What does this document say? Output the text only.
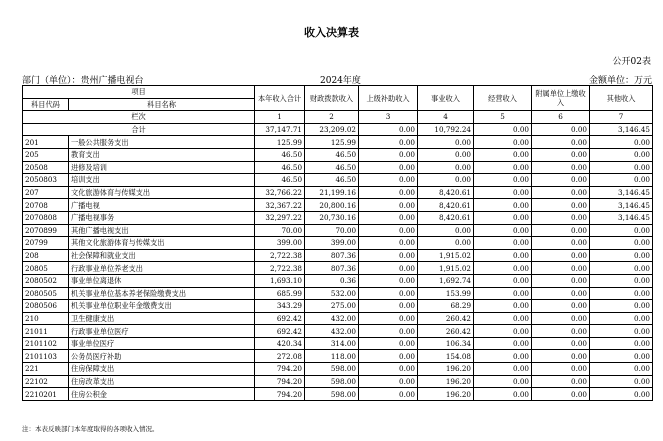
收入决算表
公开02表
部门（单位）：贵州广播电视台	2024年度	金额单位：万元
项目		本年收入合计	财政拨款收入	上级补助收入	事业收入	经营收入	附属单位上缴收入	其他收入
科目代码	科目名称							
栏次		1	2	3	4	5	6	7
合计		37,147.71	23,209.02	0.00	10,792.24	0.00	0.00	3,146.45
201	一般公共服务支出	125.99	125.99	0.00	0.00	0.00	0.00	0.00
205	教育支出	46.50	46.50	0.00	0.00	0.00	0.00	0.00
20508	进修及培训	46.50	46.50	0.00	0.00	0.00	0.00	0.00
2050803	培训支出	46.50	46.50	0.00	0.00	0.00	0.00	0.00
207	文化旅游体育与传媒支出	32,766.22	21,199.16	0.00	8,420.61	0.00	0.00	3,146.45
20708	广播电视	32,367.22	20,800.16	0.00	8,420.61	0.00	0.00	3,146.45
2070808	广播电视事务	32,297.22	20,730.16	0.00	8,420.61	0.00	0.00	3,146.45
2070899	其他广播电视支出	70.00	70.00	0.00	0.00	0.00	0.00	0.00
20799	其他文化旅游体育与传媒支出	399.00	399.00	0.00	0.00	0.00	0.00	0.00
208	社会保障和就业支出	2,722.38	807.36	0.00	1,915.02	0.00	0.00	0.00
20805	行政事业单位养老支出	2,722.38	807.36	0.00	1,915.02	0.00	0.00	0.00
2080502	事业单位离退休	1,693.10	0.36	0.00	1,692.74	0.00	0.00	0.00
2080505	机关事业单位基本养老保险缴费支出	685.99	532.00	0.00	153.99	0.00	0.00	0.00
2080506	机关事业单位职业年金缴费支出	343.29	275.00	0.00	68.29	0.00	0.00	0.00
210	卫生健康支出	692.42	432.00	0.00	260.42	0.00	0.00	0.00
21011	行政事业单位医疗	692.42	432.00	0.00	260.42	0.00	0.00	0.00
2101102	事业单位医疗	420.34	314.00	0.00	106.34	0.00	0.00	0.00
2101103	公务员医疗补助	272.08	118.00	0.00	154.08	0.00	0.00	0.00
221	住房保障支出	794.20	598.00	0.00	196.20	0.00	0.00	0.00
22102	住房改革支出	794.20	598.00	0.00	196.20	0.00	0.00	0.00
2210201	住房公积金	794.20	598.00	0.00	196.20	0.00	0.00	0.00
注：本表反映部门本年度取得的各项收入情况。
